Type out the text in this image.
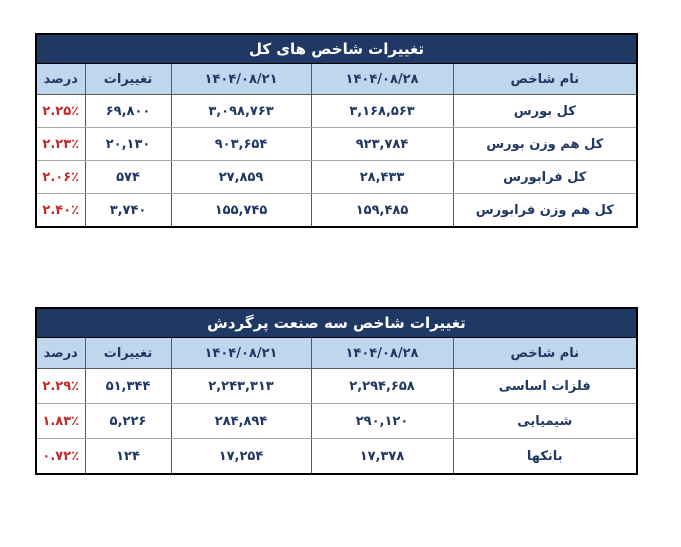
تغییرات شاخص های کل				
نام شاخص	۱۴۰۴/۰۸/۲۸	۱۴۰۴/۰۸/۲۱	تغییرات	درصد
کل بورس	۳,۱۶۸,۵۶۳	۳,۰۹۸,۷۶۳	۶۹,۸۰۰	۲.۲۵٪
کل هم وزن بورس	۹۲۳,۷۸۴	۹۰۳,۶۵۴	۲۰,۱۳۰	۲.۲۳٪
کل فرابورس	۲۸,۴۳۳	۲۷,۸۵۹	۵۷۴	۲.۰۶٪
کل هم وزن فرابورس	۱۵۹,۴۸۵	۱۵۵,۷۴۵	۳,۷۴۰	۲.۴۰٪
تغییرات شاخص سه صنعت پرگردش				
نام شاخص	۱۴۰۴/۰۸/۲۸	۱۴۰۴/۰۸/۲۱	تغییرات	درصد
فلزات اساسی	۲,۲۹۴,۶۵۸	۲,۲۴۳,۳۱۳	۵۱,۳۴۴	۲.۲۹٪
شیمیایی	۲۹۰,۱۲۰	۲۸۴,۸۹۴	۵,۲۲۶	۱.۸۳٪
بانکها	۱۷,۳۷۸	۱۷,۲۵۴	۱۲۴	۰.۷۲٪
